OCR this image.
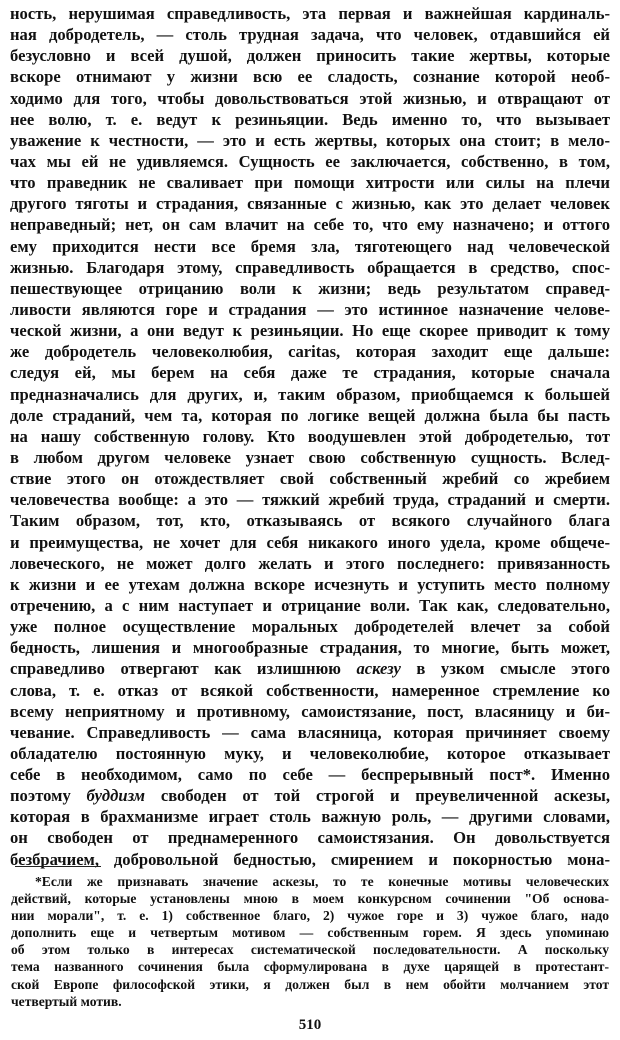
ность, нерушимая справедливость, эта первая и важнейшая кардиналь-
ная добродетель, — столь трудная задача, что человек, отдавшийся ей
безусловно и всей душой, должен приносить такие жертвы, которые
вскоре отнимают у жизни всю ее сладость, сознание которой необ-
ходимо для того, чтобы довольствоваться этой жизнью, и отвращают от
нее волю, т. е. ведут к резиньяции. Ведь именно то, что вызывает
уважение к честности, — это и есть жертвы, которых она стоит; в мело-
чах мы ей не удивляемся. Сущность ее заключается, собственно, в том,
что праведник не сваливает при помощи хитрости или силы на плечи
другого тяготы и страдания, связанные с жизнью, как это делает человек
неправедный; нет, он сам влачит на себе то, что ему назначено; и оттого
ему приходится нести все бремя зла, тяготеющего над человеческой
жизнью. Благодаря этому, справедливость обращается в средство, спос-
пешествующее отрицанию воли к жизни; ведь результатом справед-
ливости являются горе и страдания — это истинное назначение челове-
ческой жизни, а они ведут к резиньяции. Но еще скорее приводит к тому
же добродетель человеколюбия, caritas, которая заходит еще дальше:
следуя ей, мы берем на себя даже те страдания, которые сначала
предназначались для других, и, таким образом, приобщаемся к большей
доле страданий, чем та, которая по логике вещей должна была бы пасть
на нашу собственную голову. Кто воодушевлен этой добродетелью, тот
в любом другом человеке узнает свою собственную сущность. Вслед-
ствие этого он отождествляет свой собственный жребий со жребием
человечества вообще: а это — тяжкий жребий труда, страданий и смерти.
Таким образом, тот, кто, отказываясь от всякого случайного блага
и преимущества, не хочет для себя никакого иного удела, кроме общече-
ловеческого, не может долго желать и этого последнего: привязанность
к жизни и ее утехам должна вскоре исчезнуть и уступить место полному
отречению, а с ним наступает и отрицание воли. Так как, следовательно,
уже полное осуществление моральных добродетелей влечет за собой
бедность, лишения и многообразные страдания, то многие, быть может,
справедливо отвергают как излишнюю аскезу в узком смысле этого
слова, т. е. отказ от всякой собственности, намеренное стремление ко
всему неприятному и противному, самоистязание, пост, власяницу и би-
чевание. Справедливость — сама власяница, которая причиняет своему
обладателю постоянную муку, и человеколюбие, которое отказывает
себе в необходимом, само по себе — беспрерывный пост*. Именно
поэтому буддизм свободен от той строгой и преувеличенной аскезы,
которая в брахманизме играет столь важную роль, — другими словами,
он свободен от преднамеренного самоистязания. Он довольствуется
безбрачием, добровольной бедностью, смирением и покорностью мона-
*Если же признавать значение аскезы, то те конечные мотивы человеческих
действий, которые установлены мною в моем конкурсном сочинении "Об основа-
нии морали", т. е. 1) собственное благо, 2) чужое горе и 3) чужое благо, надо
дополнить еще и четвертым мотивом — собственным горем. Я здесь упоминаю
об этом только в интересах систематической последовательности. А поскольку
тема названного сочинения была сформулирована в духе царящей в протестант-
ской Европе философской этики, я должен был в нем обойти молчанием этот
четвертый мотив.
510
